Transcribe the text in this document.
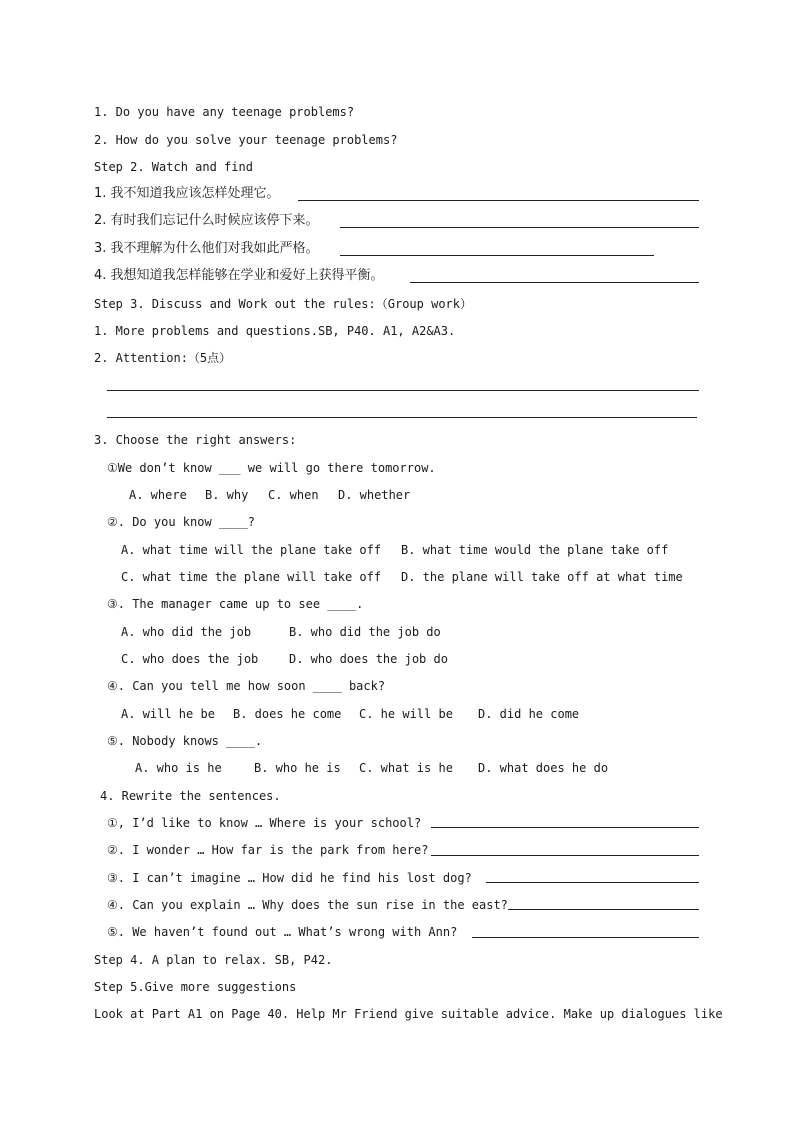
1. Do you have any teenage problems?
2. How do you solve your teenage problems?
Step 2. Watch and find
1. 我不知道我应该怎样处理它。
2. 有时我们忘记什么时候应该停下来。
3. 我不理解为什么他们对我如此严格。
4. 我想知道我怎样能够在学业和爱好上获得平衡。
Step 3. Discuss and Work out the rules:（Group work）
1. More problems and questions.SB, P40. A1, A2&A3.
2. Attention:（5点）
3. Choose the right answers:
①We don’t know ___ we will go there tomorrow.
A. where B. why C. when D. whether
②. Do you know ____?
A. what time will the plane take off B. what time would the plane take off
C. what time the plane will take off D. the plane will take off at what time
③. The manager came up to see ____.
A. who did the job	B. who did the job do
C. who does the job	D. who does the job do
④. Can you tell me how soon ____ back?
A. will he be B. does he come C. he will be D. did he come
⑤. Nobody knows ____.
A. who is he	B. who he is C. what is he D. what does he do
4. Rewrite the sentences.
①, I’d like to know … Where is your school?
②. I wonder … How far is the park from here?
③. I can’t imagine … How did he find his lost dog?
④. Can you explain … Why does the sun rise in the east?
⑤. We haven’t found out … What’s wrong with Ann?
Step 4. A plan to relax. SB, P42.
Step 5.Give more suggestions
Look at Part A1 on Page 40. Help Mr Friend give suitable advice. Make up dialogues like
